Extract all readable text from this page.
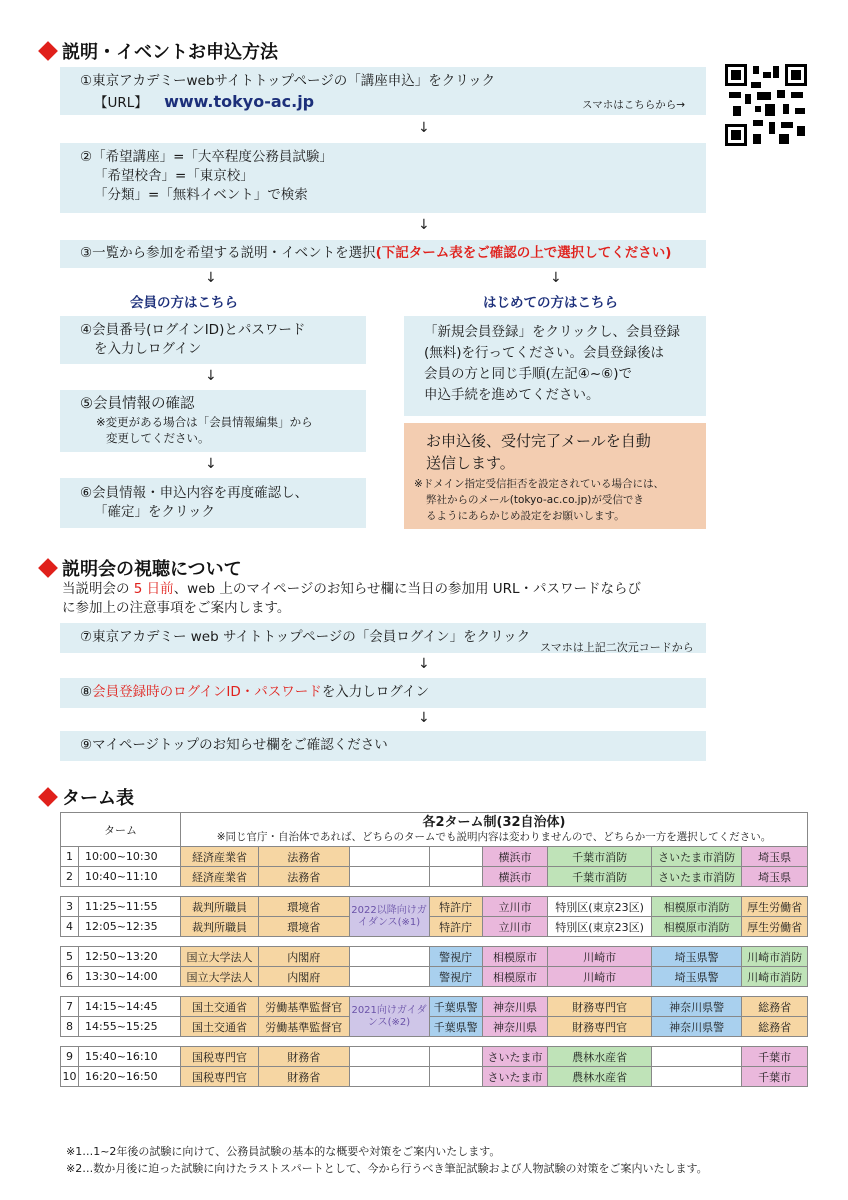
説明・イベントお申込方法
①東京アカデミーwebサイトトップページの「講座申込」をクリック
【URL】 www.tokyo-ac.jp	スマホはこちらから→
↓
②「希望講座」=「大卒程度公務員試験」
「希望校舎」=「東京校」
「分類」=「無料イベント」で検索
↓
③一覧から参加を希望する説明・イベントを選択(下記ターム表をご確認の上で選択してください)
↓	↓
会員の方はこちら	はじめての方はこちら
④会員番号(ログインID)とパスワード
を入力しログイン
↓
⑤会員情報の確認
※変更がある場合は「会員情報編集」から
変更してください。
↓
⑥会員情報・申込内容を再度確認し、
「確定」をクリック
「新規会員登録」をクリックし、会員登録
(無料)を行ってください。会員登録後は
会員の方と同じ手順(左記④~⑥)で
申込手続を進めてください。
お申込後、受付完了メールを自動
送信します。
※ドメイン指定受信拒否を設定されている場合には、
弊社からのメール(tokyo-ac.co.jp)が受信でき
るようにあらかじめ設定をお願いします。
説明会の視聴について
当説明会の 5 日前、web 上のマイページのお知らせ欄に当日の参加用 URL・パスワードならび
に参加上の注意事項をご案内します。
⑦東京アカデミー web サイトトップページの「会員ログイン」をクリック
スマホは上記二次元コードから
↓
⑧会員登録時のログインID・パスワードを入力しログイン
↓
⑨マイページトップのお知らせ欄をご確認ください
ターム表
ターム		各2ターム制(32自治体)
※同じ官庁・自治体であれば、どちらのタームでも説明内容は変わりませんので、どちらか一方を選択してください。							

1	10:00~10:30	経済産業省	法務省			横浜市	千葉市消防	さいたま市消防	埼玉県
2	10:40~11:10	経済産業省	法務省			横浜市	千葉市消防	さいたま市消防	埼玉県

3	11:25~11:55	裁判所職員	環境省	2022以降向けガイダンス(※1)	特許庁	立川市	特別区(東京23区)	相模原市消防	厚生労働省
4	12:05~12:35	裁判所職員	環境省		特許庁	立川市	特別区(東京23区)	相模原市消防	厚生労働省

5	12:50~13:20	国立大学法人	内閣府		警視庁	相模原市	川崎市	埼玉県警	川崎市消防
6	13:30~14:00	国立大学法人	内閣府		警視庁	相模原市	川崎市	埼玉県警	川崎市消防

7	14:15~14:45	国土交通省	労働基準監督官	2021向けガイダンス(※2)	千葉県警	神奈川県	財務専門官	神奈川県警	総務省
8	14:55~15:25	国土交通省	労働基準監督官		千葉県警	神奈川県	財務専門官	神奈川県警	総務省

9	15:40~16:10	国税専門官	財務省			さいたま市	農林水産省		千葉市
10	16:20~16:50	国税専門官	財務省			さいたま市	農林水産省		千葉市
※1…1~2年後の試験に向けて、公務員試験の基本的な概要や対策をご案内いたします。
※2…数か月後に迫った試験に向けたラストスパートとして、今から行うべき筆記試験および人物試験の対策をご案内いたします。
